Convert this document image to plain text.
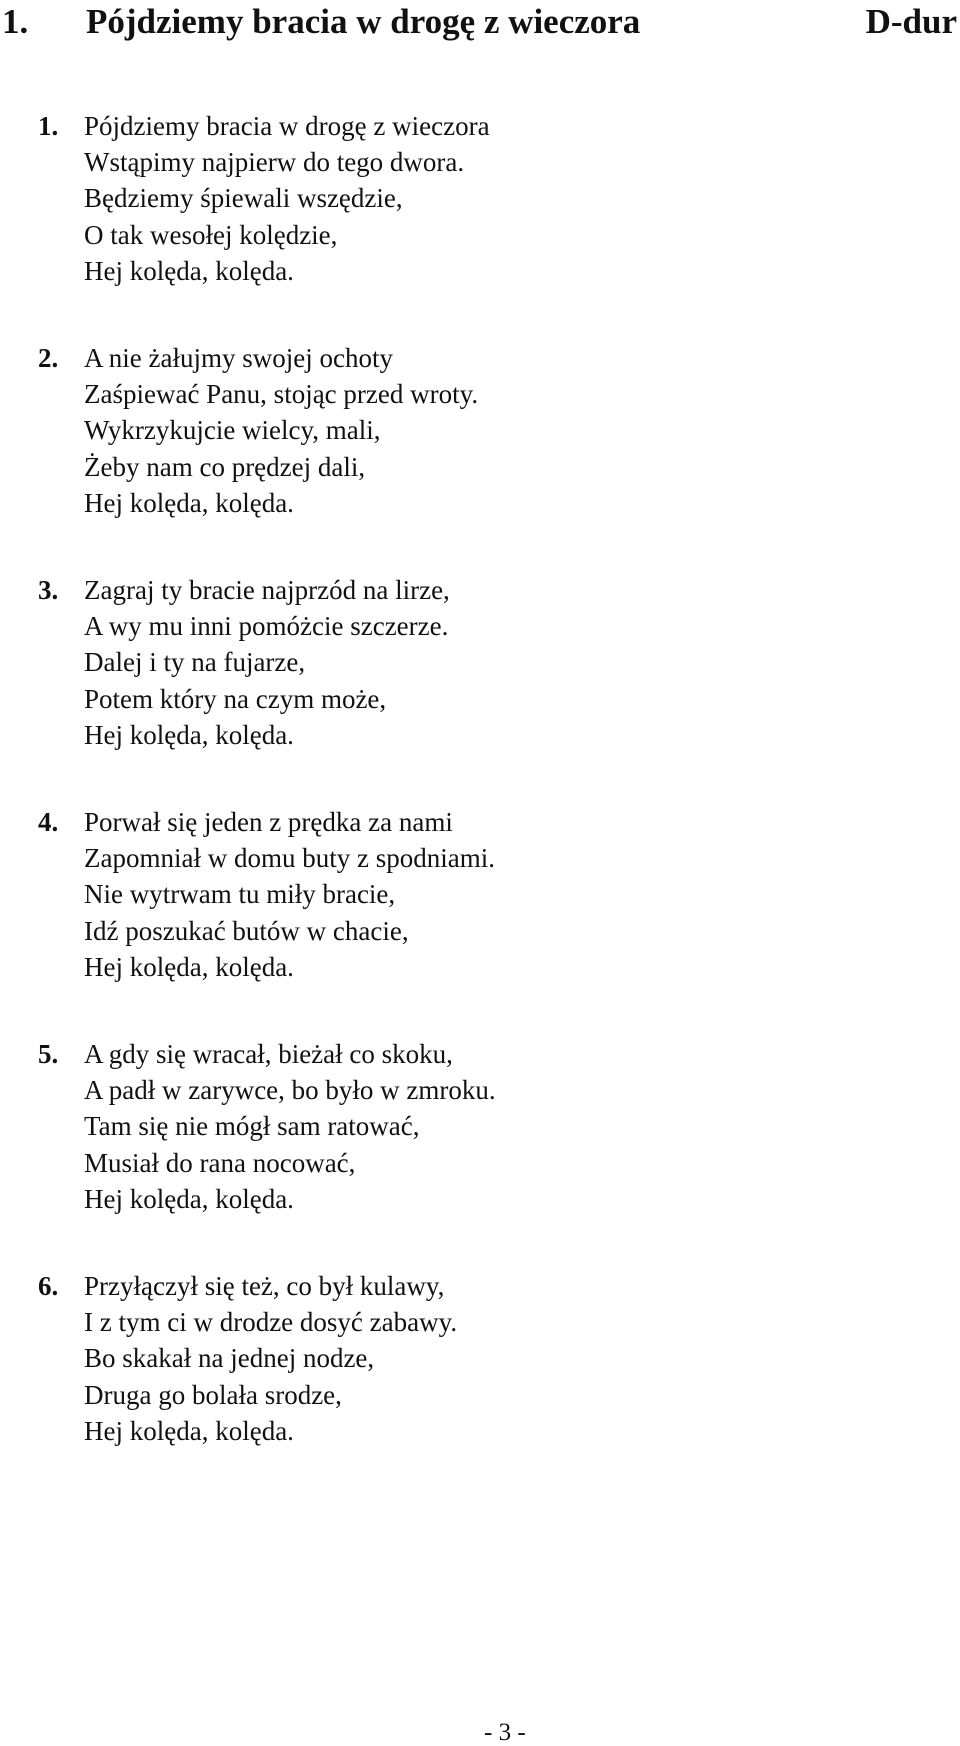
1. Pójdziemy bracia w drogę z wieczora	D-dur
1. Pójdziemy bracia w drogę z wieczora
Wstąpimy najpierw do tego dwora.
Będziemy śpiewali wszędzie,
O tak wesołej kolędzie,
Hej kolęda, kolęda.
2. A nie żałujmy swojej ochoty
Zaśpiewać Panu, stojąc przed wroty.
Wykrzykujcie wielcy, mali,
Żeby nam co prędzej dali,
Hej kolęda, kolęda.
3. Zagraj ty bracie najprzód na lirze,
A wy mu inni pomóżcie szczerze.
Dalej i ty na fujarze,
Potem który na czym może,
Hej kolęda, kolęda.
4. Porwał się jeden z prędka za nami
Zapomniał w domu buty z spodniami.
Nie wytrwam tu miły bracie,
Idź poszukać butów w chacie,
Hej kolęda, kolęda.
5. A gdy się wracał, bieżał co skoku,
A padł w zarywce, bo było w zmroku.
Tam się nie mógł sam ratować,
Musiał do rana nocować,
Hej kolęda, kolęda.
6. Przyłączył się też, co był kulawy,
I z tym ci w drodze dosyć zabawy.
Bo skakał na jednej nodze,
Druga go bolała srodze,
Hej kolęda, kolęda.
- 3 -
